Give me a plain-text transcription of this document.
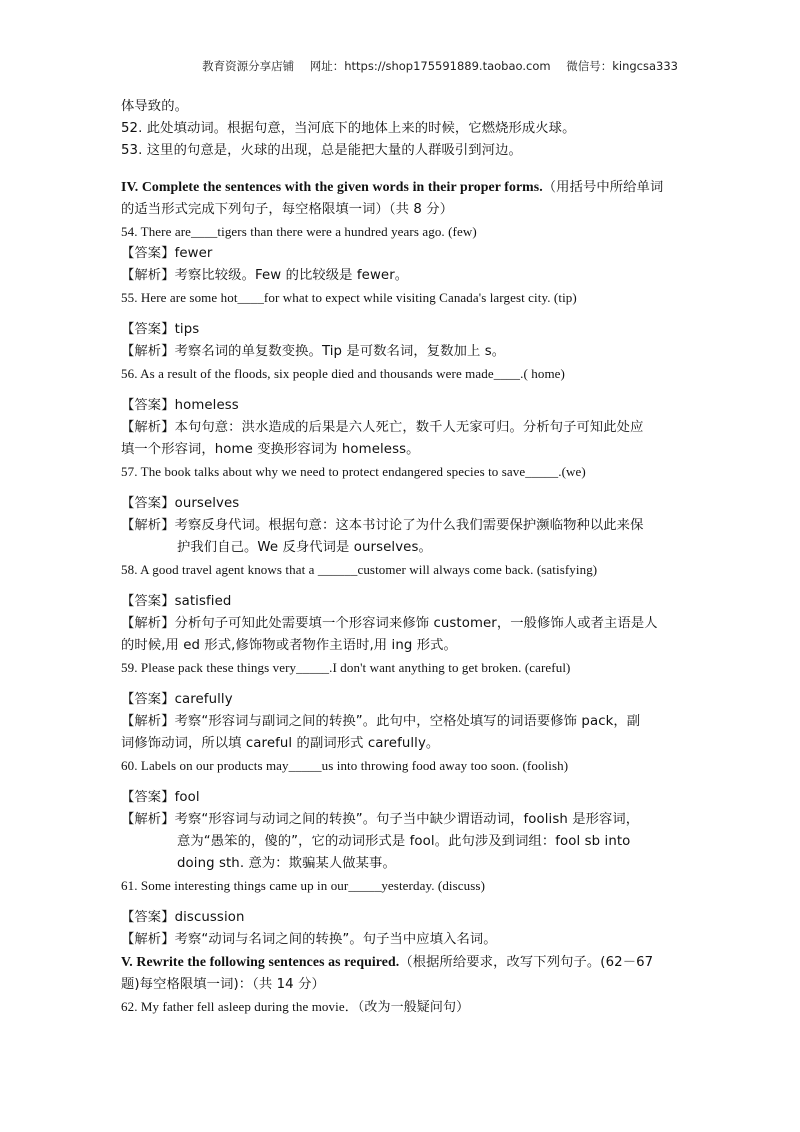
教育资源分享店铺 网址：https://shop175591889.taobao.com 微信号：kingcsa333
体导致的。
52. 此处填动词。根据句意，当河底下的地体上来的时候，它燃烧形成火球。
53. 这里的句意是，火球的出现，总是能把大量的人群吸引到河边。
IV. Complete the sentences with the given words in their proper forms.（用括号中所给单词
的适当形式完成下列句子，每空格限填一词）（共 8 分）
54. There are____tigers than there were a hundred years ago. (few)
【答案】fewer
【解析】考察比较级。Few 的比较级是 fewer。
55. Here are some hot____for what to expect while visiting Canada's largest city. (tip)
【答案】tips
【解析】考察名词的单复数变换。Tip 是可数名词，复数加上 s。
56. As a result of the floods, six people died and thousands were made____.( home)
【答案】homeless
【解析】本句句意：洪水造成的后果是六人死亡，数千人无家可归。分析句子可知此处应
填一个形容词，home 变换形容词为 homeless。
57. The book talks about why we need to protect endangered species to save_____.(we)
【答案】ourselves
【解析】考察反身代词。根据句意：这本书讨论了为什么我们需要保护濒临物种以此来保
护我们自己。We 反身代词是 ourselves。
58. A good travel agent knows that a ______customer will always come back. (satisfying)
【答案】satisfied
【解析】分析句子可知此处需要填一个形容词来修饰 customer，一般修饰人或者主语是人
的时候,用 ed 形式,修饰物或者物作主语时,用 ing 形式。
59. Please pack these things very_____.I don't want anything to get broken. (careful)
【答案】carefully
【解析】考察“形容词与副词之间的转换”。此句中，空格处填写的词语要修饰 pack，副
词修饰动词，所以填 careful 的副词形式 carefully。
60. Labels on our products may_____us into throwing food away too soon. (foolish)
【答案】fool
【解析】考察“形容词与动词之间的转换”。句子当中缺少谓语动词，foolish 是形容词，
意为“愚笨的，傻的”，它的动词形式是 fool。此句涉及到词组：fool sb into
doing sth. 意为：欺骗某人做某事。
61. Some interesting things came up in our_____yesterday. (discuss)
【答案】discussion
【解析】考察“动词与名词之间的转换”。句子当中应填入名词。
V. Rewrite the following sentences as required.（根据所给要求，改写下列句子。(62－67
题)每空格限填一词)：（共 14 分）
62. My father fell asleep during the movie．（改为一般疑问句）
